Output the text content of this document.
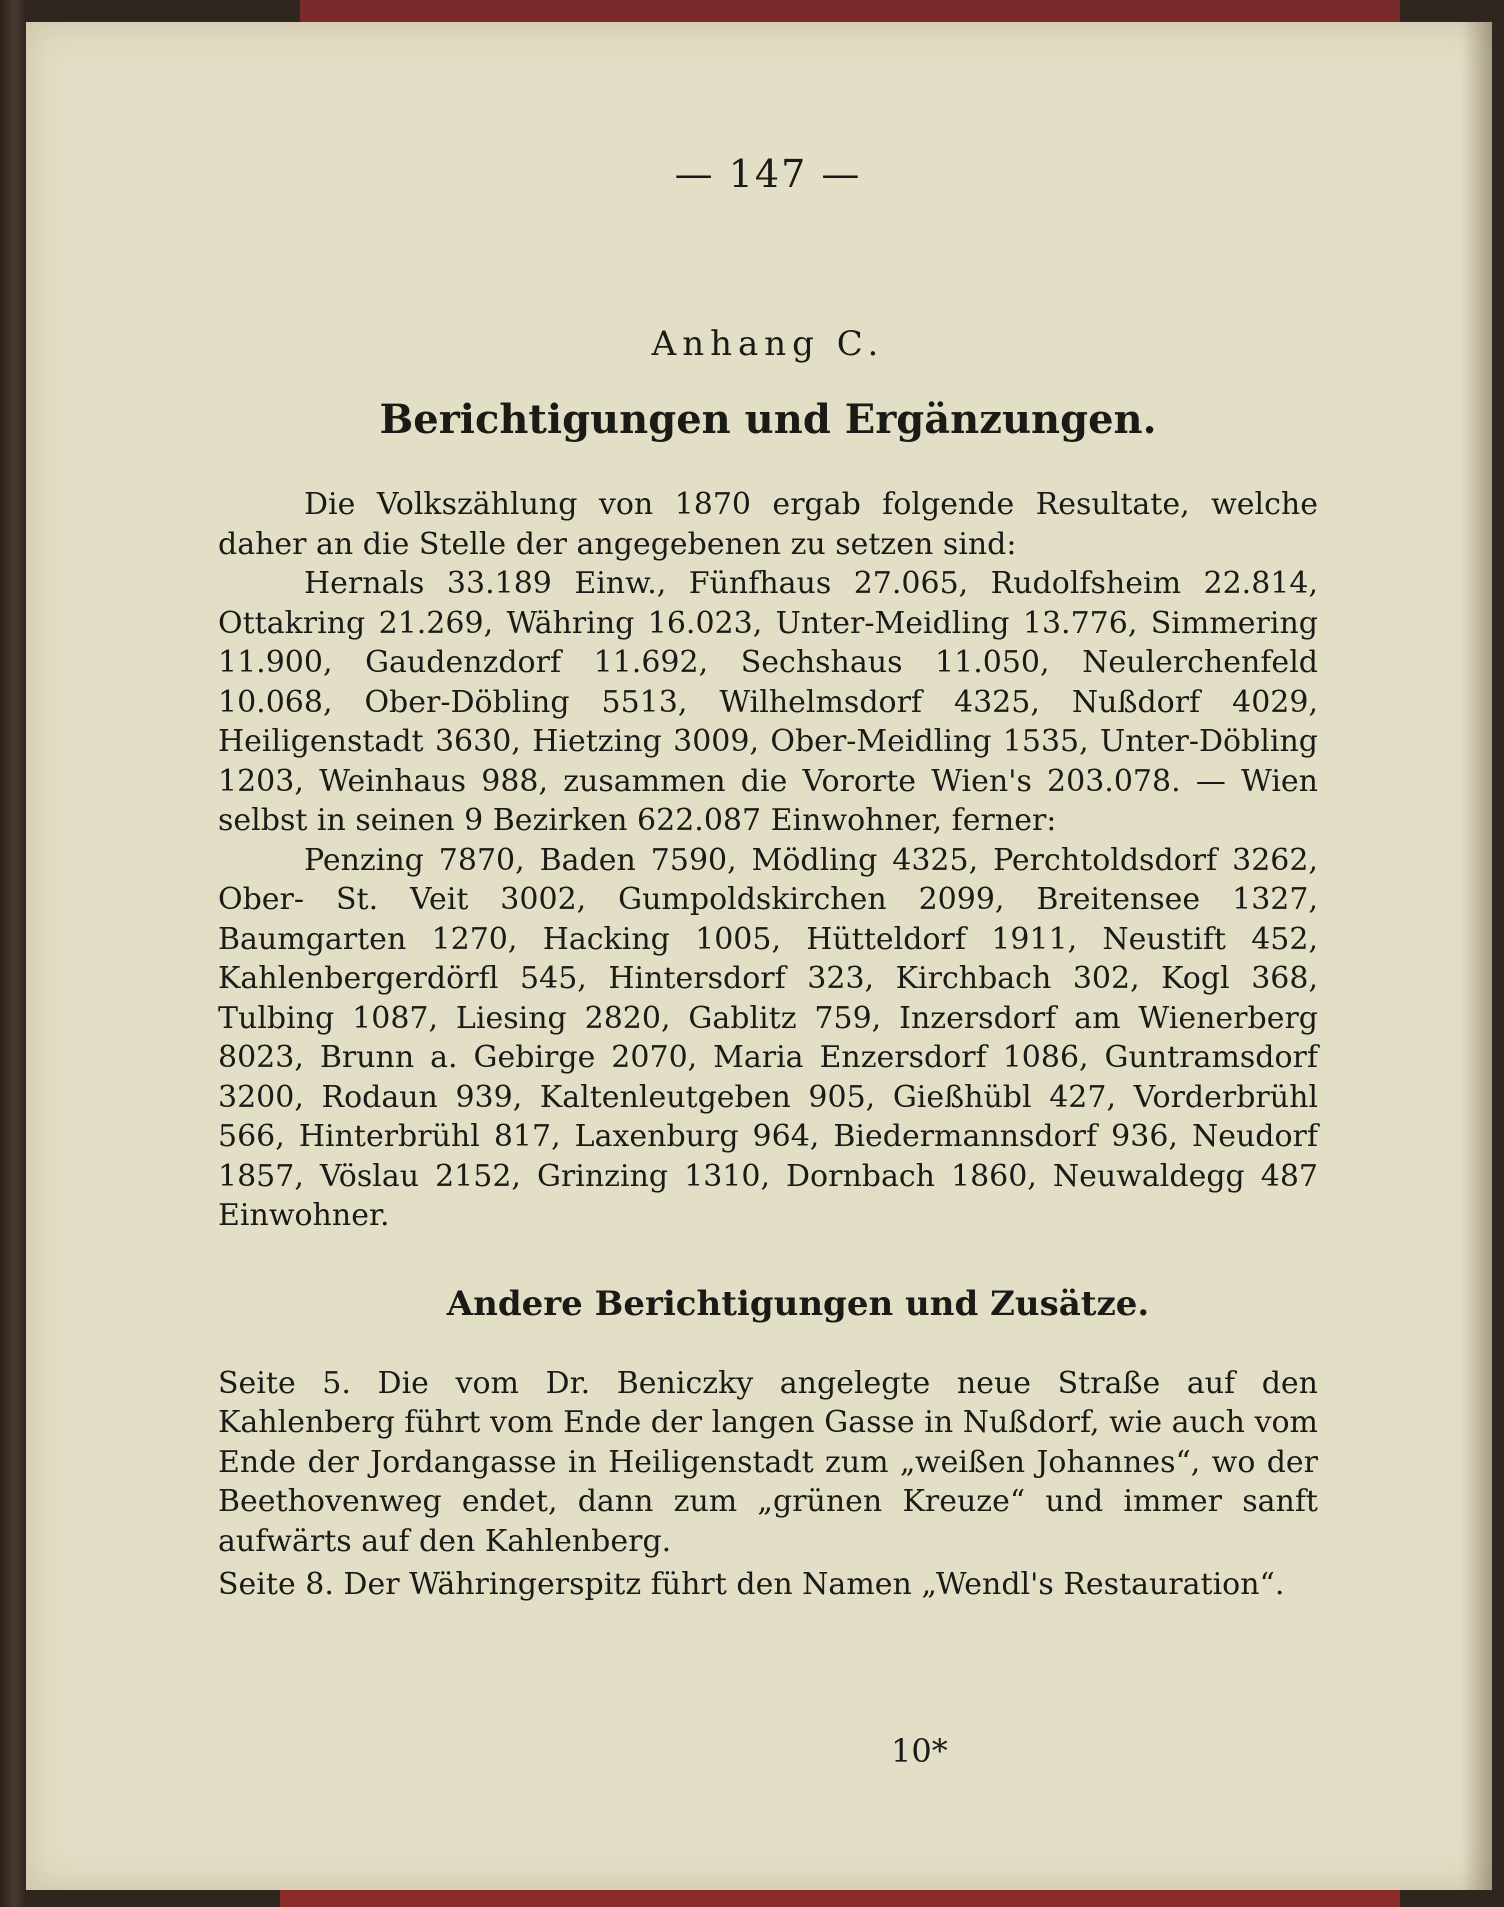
— 147 —
Anhang C.
Berichtigungen und Ergänzungen.
Die Volkszählung von 1870 ergab folgende Resultate, welche daher an die Stelle der angegebenen zu setzen sind:
Hernals 33.189 Einw., Fünfhaus 27.065, Rudolfsheim 22.814, Ottakring 21.269, Währing 16.023, Unter-Meidling 13.776, Simmering 11.900, Gaudenzdorf 11.692, Sechshaus 11.050, Neulerchenfeld 10.068, Ober-Döbling 5513, Wilhelmsdorf 4325, Nußdorf 4029, Heiligenstadt 3630, Hietzing 3009, Ober-Meidling 1535, Unter-Döbling 1203, Weinhaus 988, zusammen die Vororte Wien's 203.078. — Wien selbst in seinen 9 Bezirken 622.087 Einwohner, ferner:
Penzing 7870, Baden 7590, Mödling 4325, Perchtoldsdorf 3262, Ober- St. Veit 3002, Gumpoldskirchen 2099, Breitensee 1327, Baumgarten 1270, Hacking 1005, Hütteldorf 1911, Neustift 452, Kahlenbergerdörfl 545, Hintersdorf 323, Kirchbach 302, Kogl 368, Tulbing 1087, Liesing 2820, Gablitz 759, Inzersdorf am Wienerberg 8023, Brunn a. Gebirge 2070, Maria Enzersdorf 1086, Guntramsdorf 3200, Rodaun 939, Kaltenleutgeben 905, Gießhübl 427, Vorderbrühl 566, Hinterbrühl 817, Laxenburg 964, Biedermannsdorf 936, Neudorf 1857, Vöslau 2152, Grinzing 1310, Dornbach 1860, Neuwaldegg 487 Einwohner.
Andere Berichtigungen und Zusätze.
Seite 5. Die vom Dr. Beniczky angelegte neue Straße auf den Kahlenberg führt vom Ende der langen Gasse in Nußdorf, wie auch vom Ende der Jordangasse in Heiligenstadt zum „weißen Johannes“, wo der Beethovenweg endet, dann zum „grünen Kreuze“ und immer sanft aufwärts auf den Kahlenberg.
Seite 8. Der Währingerspitz führt den Namen „Wendl's Restauration“.
10*
